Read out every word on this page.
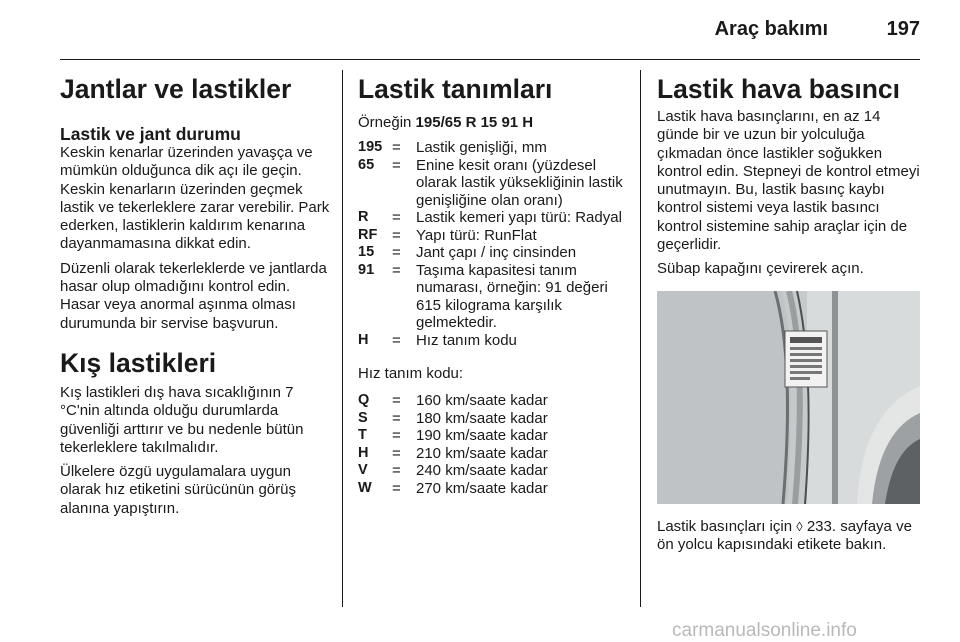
Araç bakımı	197
Jantlar ve lastikler
Lastik ve jant durumu

Keskin kenarlar üzerinden yavaşça ve mümkün olduğunca dik açı ile geçin. Keskin kenarların üzerinden geçmek lastik ve tekerleklere zarar verebilir. Park ederken, lastiklerin kaldırım kenarına dayanmamasına dikkat edin.

Düzenli olarak tekerleklerde ve jantlarda hasar olup olmadığını kontrol edin. Hasar veya anormal aşınma olması durumunda bir servise başvurun.

Kış lastikleri

Kış lastikleri dış hava sıcaklığının 7 °C'nin altında olduğu durumlarda güvenliği arttırır ve bu nedenle bütün tekerleklere takılmalıdır.

Ülkelere özgü uygulamalara uygun olarak hız etiketini sürücünün görüş alanına yapıştırın.

Lastik tanımları
Örneğin 195/65 R 15 91 H
195 =	Lastik genişliği, mm
65	=	Enine kesit oranı (yüzdesel olarak lastik yüksekliğinin lastik genişliğine olan oranı)
R	=	Lastik kemeri yapı türü: Radyal
RF =	Yapı türü: RunFlat
15	=	Jant çapı / inç cinsinden
91	=	Taşıma kapasitesi tanım numarası, örneğin: 91 değeri 615 kilograma karşılık gelmektedir.
H	=	Hız tanım kodu

Hız tanım kodu:

Q	=	160 km/saate kadar
S	=	180 km/saate kadar
T	=	190 km/saate kadar
H	=	210 km/saate kadar
V	=	240 km/saate kadar
W	=	270 km/saate kadar
Lastik hava basıncı

Lastik hava basınçlarını, en az 14 günde bir ve uzun bir yolculuğa çıkmadan önce lastikler soğukken kontrol edin. Stepneyi de kontrol etmeyi unutmayın. Bu, lastik basınç kaybı kontrol sistemi veya lastik basıncı kontrol sistemine sahip araçlar için de geçerlidir.

Sübap kapağını çevirerek açın.

Lastik basınçları için ◊ 233. sayfaya ve ön yolcu kapısındaki etikete bakın.

carmanualsonline.info
